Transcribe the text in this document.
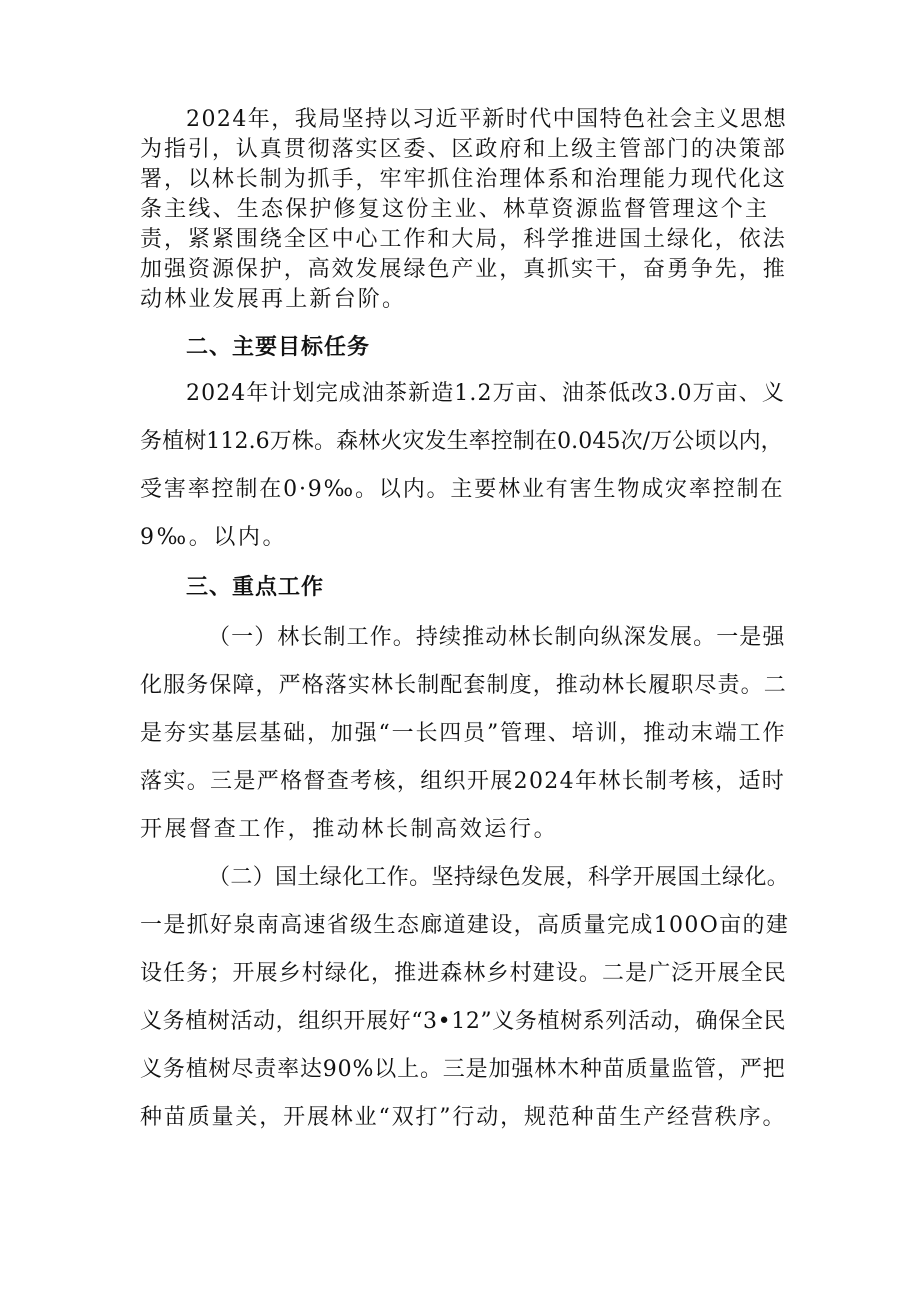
2024年，我局坚持以习近平新时代中国特色社会主义思想

为指引，认真贯彻落实区委、区政府和上级主管部门的决策部

署，以林长制为抓手，牢牢抓住治理体系和治理能力现代化这

条主线、生态保护修复这份主业、林草资源监督管理这个主

责，紧紧围绕全区中心工作和大局，科学推进国土绿化，依法

加强资源保护，高效发展绿色产业，真抓实干，奋勇争先，推

动林业发展再上新台阶。

二、主要目标任务

2024年计划完成油茶新造1.2万亩、油茶低改3.0万亩、义

务植树112.6万株。森林火灾发生率控制在0.045次/万公顷以内，

受害率控制在0·9‰。以内。主要林业有害生物成灾率控制在

9‰。以内。

三、重点工作

（一）林长制工作。持续推动林长制向纵深发展。一是强

化服务保障，严格落实林长制配套制度，推动林长履职尽责。二

是夯实基层基础，加强“一长四员”管理、培训，推动末端工作

落实。三是严格督查考核，组织开展2024年林长制考核，适时

开展督查工作，推动林长制高效运行。

（二）国土绿化工作。坚持绿色发展，科学开展国土绿化。

一是抓好泉南高速省级生态廊道建设，高质量完成100O亩的建

设任务；开展乡村绿化，推进森林乡村建设。二是广泛开展全民

义务植树活动，组织开展好“3•12”义务植树系列活动，确保全民

义务植树尽责率达90%以上。三是加强林木种苗质量监管，严把

种苗质量关，开展林业“双打”行动，规范种苗生产经营秩序。
